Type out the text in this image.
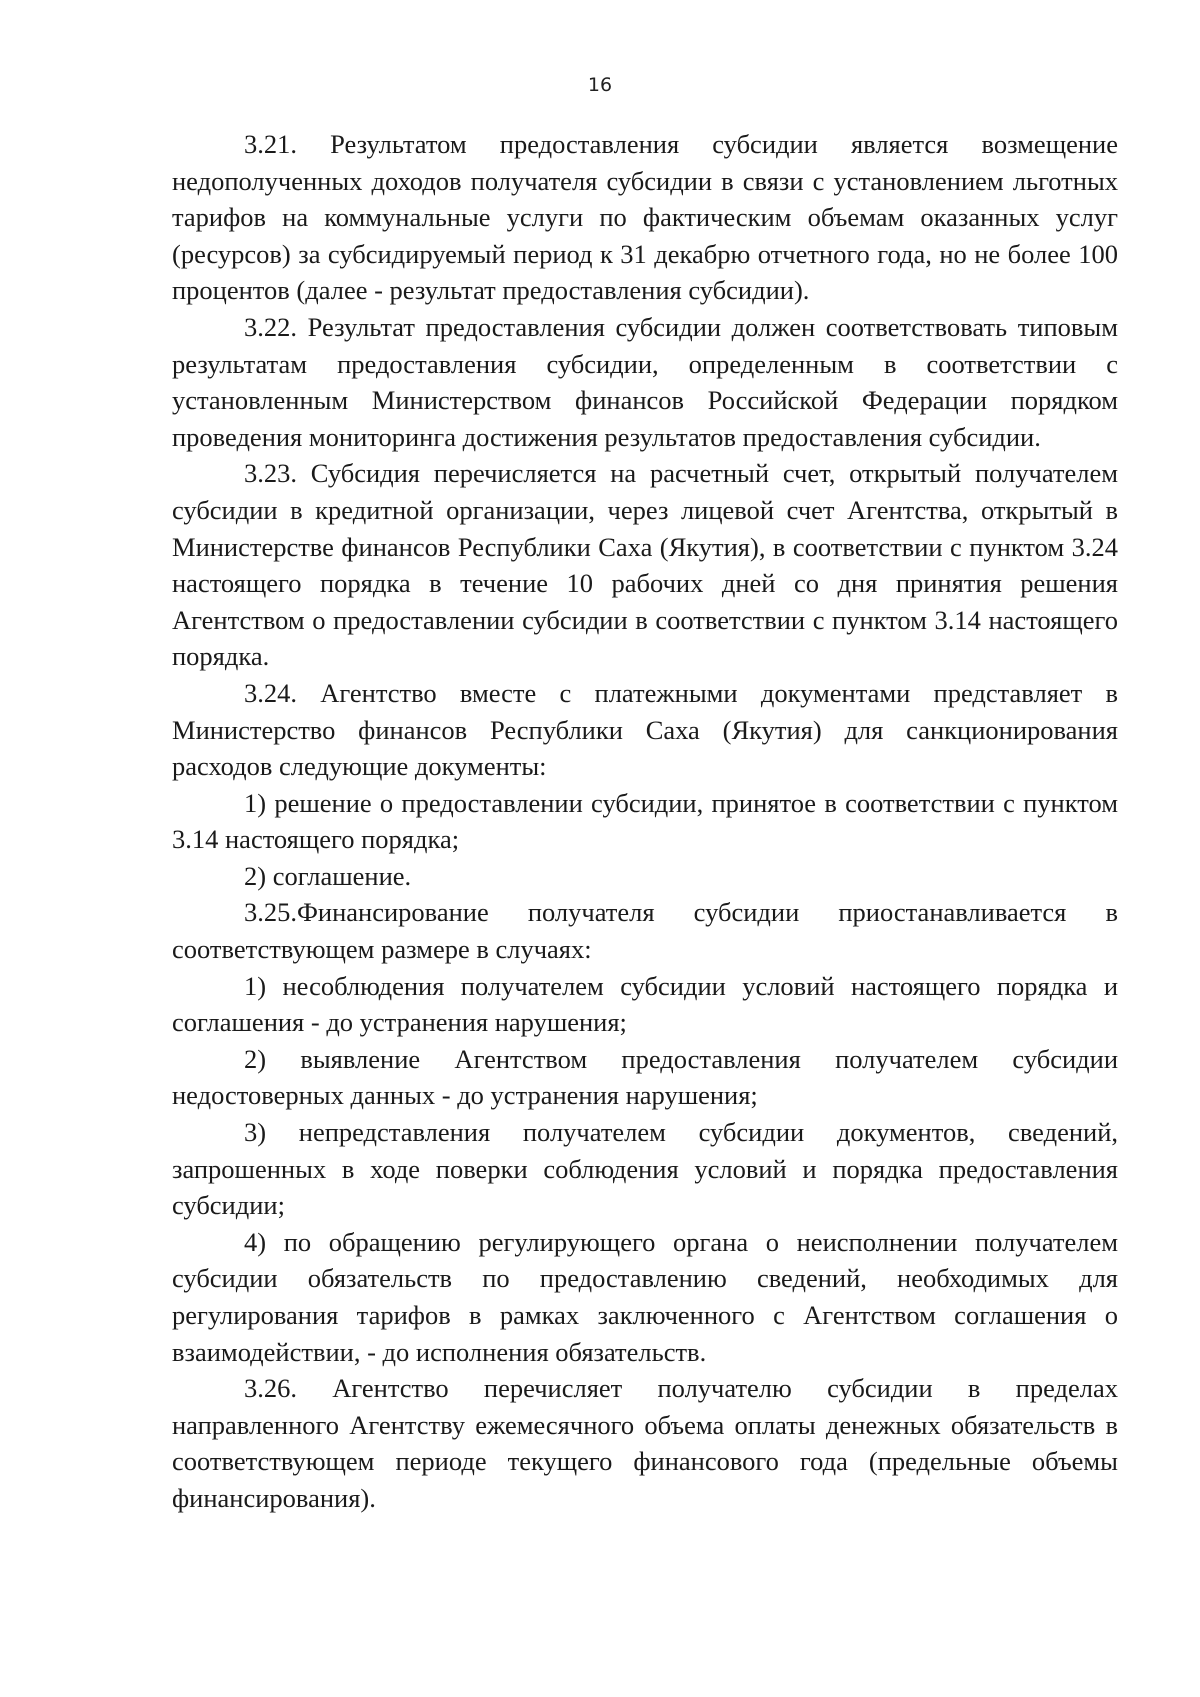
16

3.21. Результатом предоставления субсидии является возмещение недополученных доходов получателя субсидии в связи с установлением льготных тарифов на коммунальные услуги по фактическим объемам оказанных услуг (ресурсов) за субсидируемый период к 31 декабрю отчетного года, но не более 100 процентов (далее - результат предоставления субсидии).

3.22. Результат предоставления субсидии должен соответствовать типовым результатам предоставления субсидии, определенным в соответствии с установленным Министерством финансов Российской Федерации порядком проведения мониторинга достижения результатов предоставления субсидии.

3.23. Субсидия перечисляется на расчетный счет, открытый получателем субсидии в кредитной организации, через лицевой счет Агентства, открытый в Министерстве финансов Республики Саха (Якутия), в соответствии с пунктом 3.24 настоящего порядка в течение 10 рабочих дней со дня принятия решения Агентством о предоставлении субсидии в соответствии с пунктом 3.14 настоящего порядка.

3.24. Агентство вместе с платежными документами представляет в Министерство финансов Республики Саха (Якутия) для санкционирования расходов следующие документы:

1) решение о предоставлении субсидии, принятое в соответствии с пунктом 3.14 настоящего порядка;

2) соглашение.

3.25.Финансирование получателя субсидии приостанавливается в соответствующем размере в случаях:

1) несоблюдения получателем субсидии условий настоящего порядка и соглашения - до устранения нарушения;

2) выявление Агентством предоставления получателем субсидии недостоверных данных - до устранения нарушения;

3) непредставления получателем субсидии документов, сведений, запрошенных в ходе поверки соблюдения условий и порядка предоставления субсидии;

4) по обращению регулирующего органа о неисполнении получателем субсидии обязательств по предоставлению сведений, необходимых для регулирования тарифов в рамках заключенного с Агентством соглашения о взаимодействии, - до исполнения обязательств.

3.26. Агентство перечисляет получателю субсидии в пределах направленного Агентству ежемесячного объема оплаты денежных обязательств в соответствующем периоде текущего финансового года (предельные объемы финансирования).
